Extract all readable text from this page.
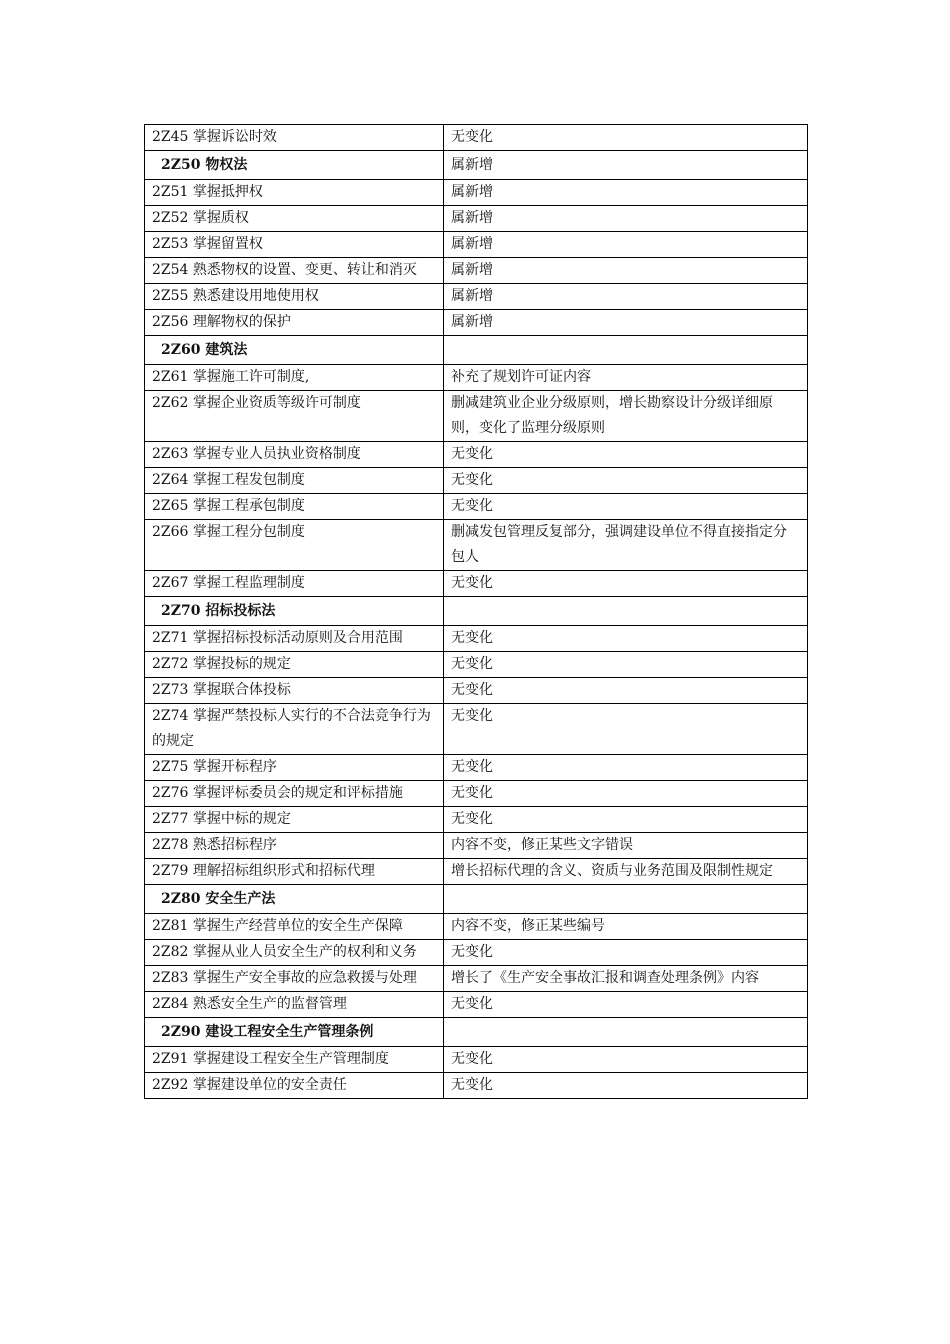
2Z45 掌握诉讼时效	无变化
2Z50 物权法	属新增
2Z51 掌握抵押权	属新增
2Z52 掌握质权	属新增
2Z53 掌握留置权	属新增
2Z54 熟悉物权的设置、变更、转让和消灭	属新增
2Z55 熟悉建设用地使用权	属新增
2Z56 理解物权的保护	属新增
2Z60 建筑法	
2Z61 掌握施工许可制度,	补充了规划许可证内容
2Z62 掌握企业资质等级许可制度	删减建筑业企业分级原则，增长勘察设计分级详细原则，变化了监理分级原则
2Z63 掌握专业人员执业资格制度	无变化
2Z64 掌握工程发包制度	无变化
2Z65 掌握工程承包制度	无变化
2Z66 掌握工程分包制度	删减发包管理反复部分，强调建设单位不得直接指定分包人
2Z67 掌握工程监理制度	无变化
2Z70 招标投标法	
2Z71 掌握招标投标活动原则及合用范围	无变化
2Z72 掌握投标的规定	无变化
2Z73 掌握联合体投标	无变化
2Z74 掌握严禁投标人实行的不合法竞争行为的规定	无变化
2Z75 掌握开标程序	无变化
2Z76 掌握评标委员会的规定和评标措施	无变化
2Z77 掌握中标的规定	无变化
2Z78 熟悉招标程序	内容不变，修正某些文字错误
2Z79 理解招标组织形式和招标代理	增长招标代理的含义、资质与业务范围及限制性规定
2Z80 安全生产法	
2Z81 掌握生产经营单位的安全生产保障	内容不变，修正某些编号
2Z82 掌握从业人员安全生产的权利和义务	无变化
2Z83 掌握生产安全事故的应急救援与处理	增长了《生产安全事故汇报和调查处理条例》内容
2Z84 熟悉安全生产的监督管理	无变化
2Z90 建设工程安全生产管理条例	
2Z91 掌握建设工程安全生产管理制度	无变化
2Z92 掌握建设单位的安全责任	无变化
